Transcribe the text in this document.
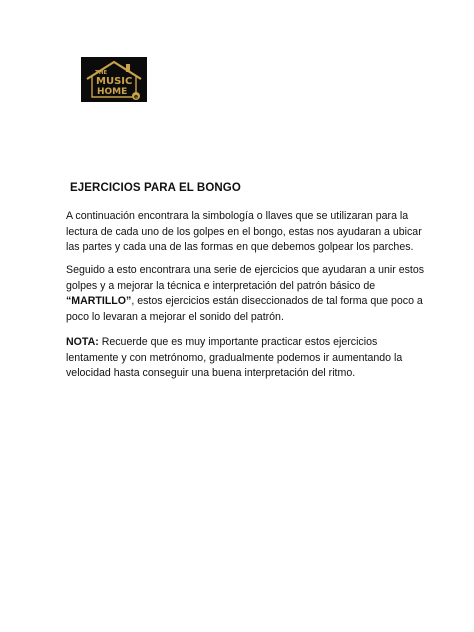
THE
MUSIC
HOME e
EJERCICIOS PARA EL BONGO

A continuación encontrara la simbología o llaves que se utilizaran para la

lectura de cada uno de los golpes en el bongo, estas nos ayudaran a ubicar

las partes y cada una de las formas en que debemos golpear los parches.

Seguido a esto encontrara una serie de ejercicios que ayudaran a unir estos

golpes y a mejorar la técnica e interpretación del patrón básico de

“MARTILLO”, estos ejercicios están diseccionados de tal forma que poco a

poco lo levaran a mejorar el sonido del patrón.

NOTA: Recuerde que es muy importante practicar estos ejercicios

lentamente y con metrónomo, gradualmente podemos ir aumentando la

velocidad hasta conseguir una buena interpretación del ritmo.
